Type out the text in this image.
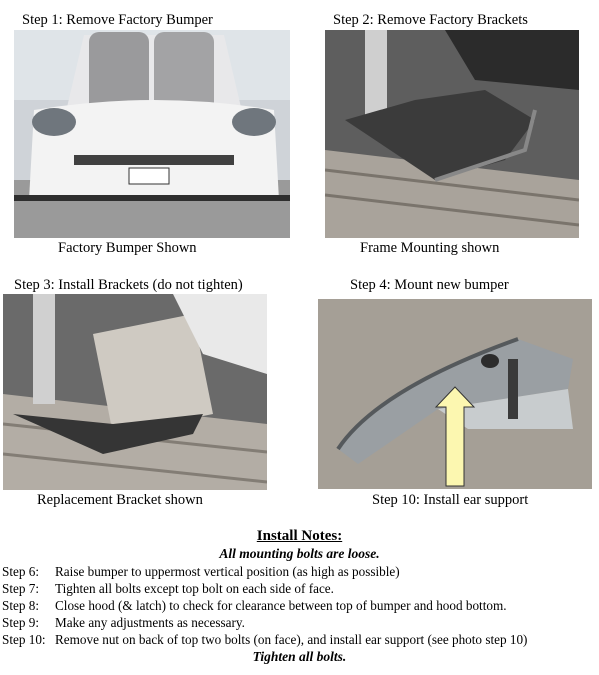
Step 1: Remove Factory Bumper
Factory Bumper Shown
Step 2: Remove Factory Brackets
Frame Mounting shown
Step 3: Install Brackets (do not tighten)
Replacement Bracket shown
Step 4: Mount new bumper
Step 10: Install ear support
Install Notes:
All mounting bolts are loose.
Step 6: Raise bumper to uppermost vertical position (as high as possible)
Step 7: Tighten all bolts except top bolt on each side of face.
Step 8: Close hood (& latch) to check for clearance between top of bumper and hood bottom.
Step 9: Make any adjustments as necessary.
Step 10: Remove nut on back of top two bolts (on face), and install ear support (see photo step 10)
Tighten all bolts.
